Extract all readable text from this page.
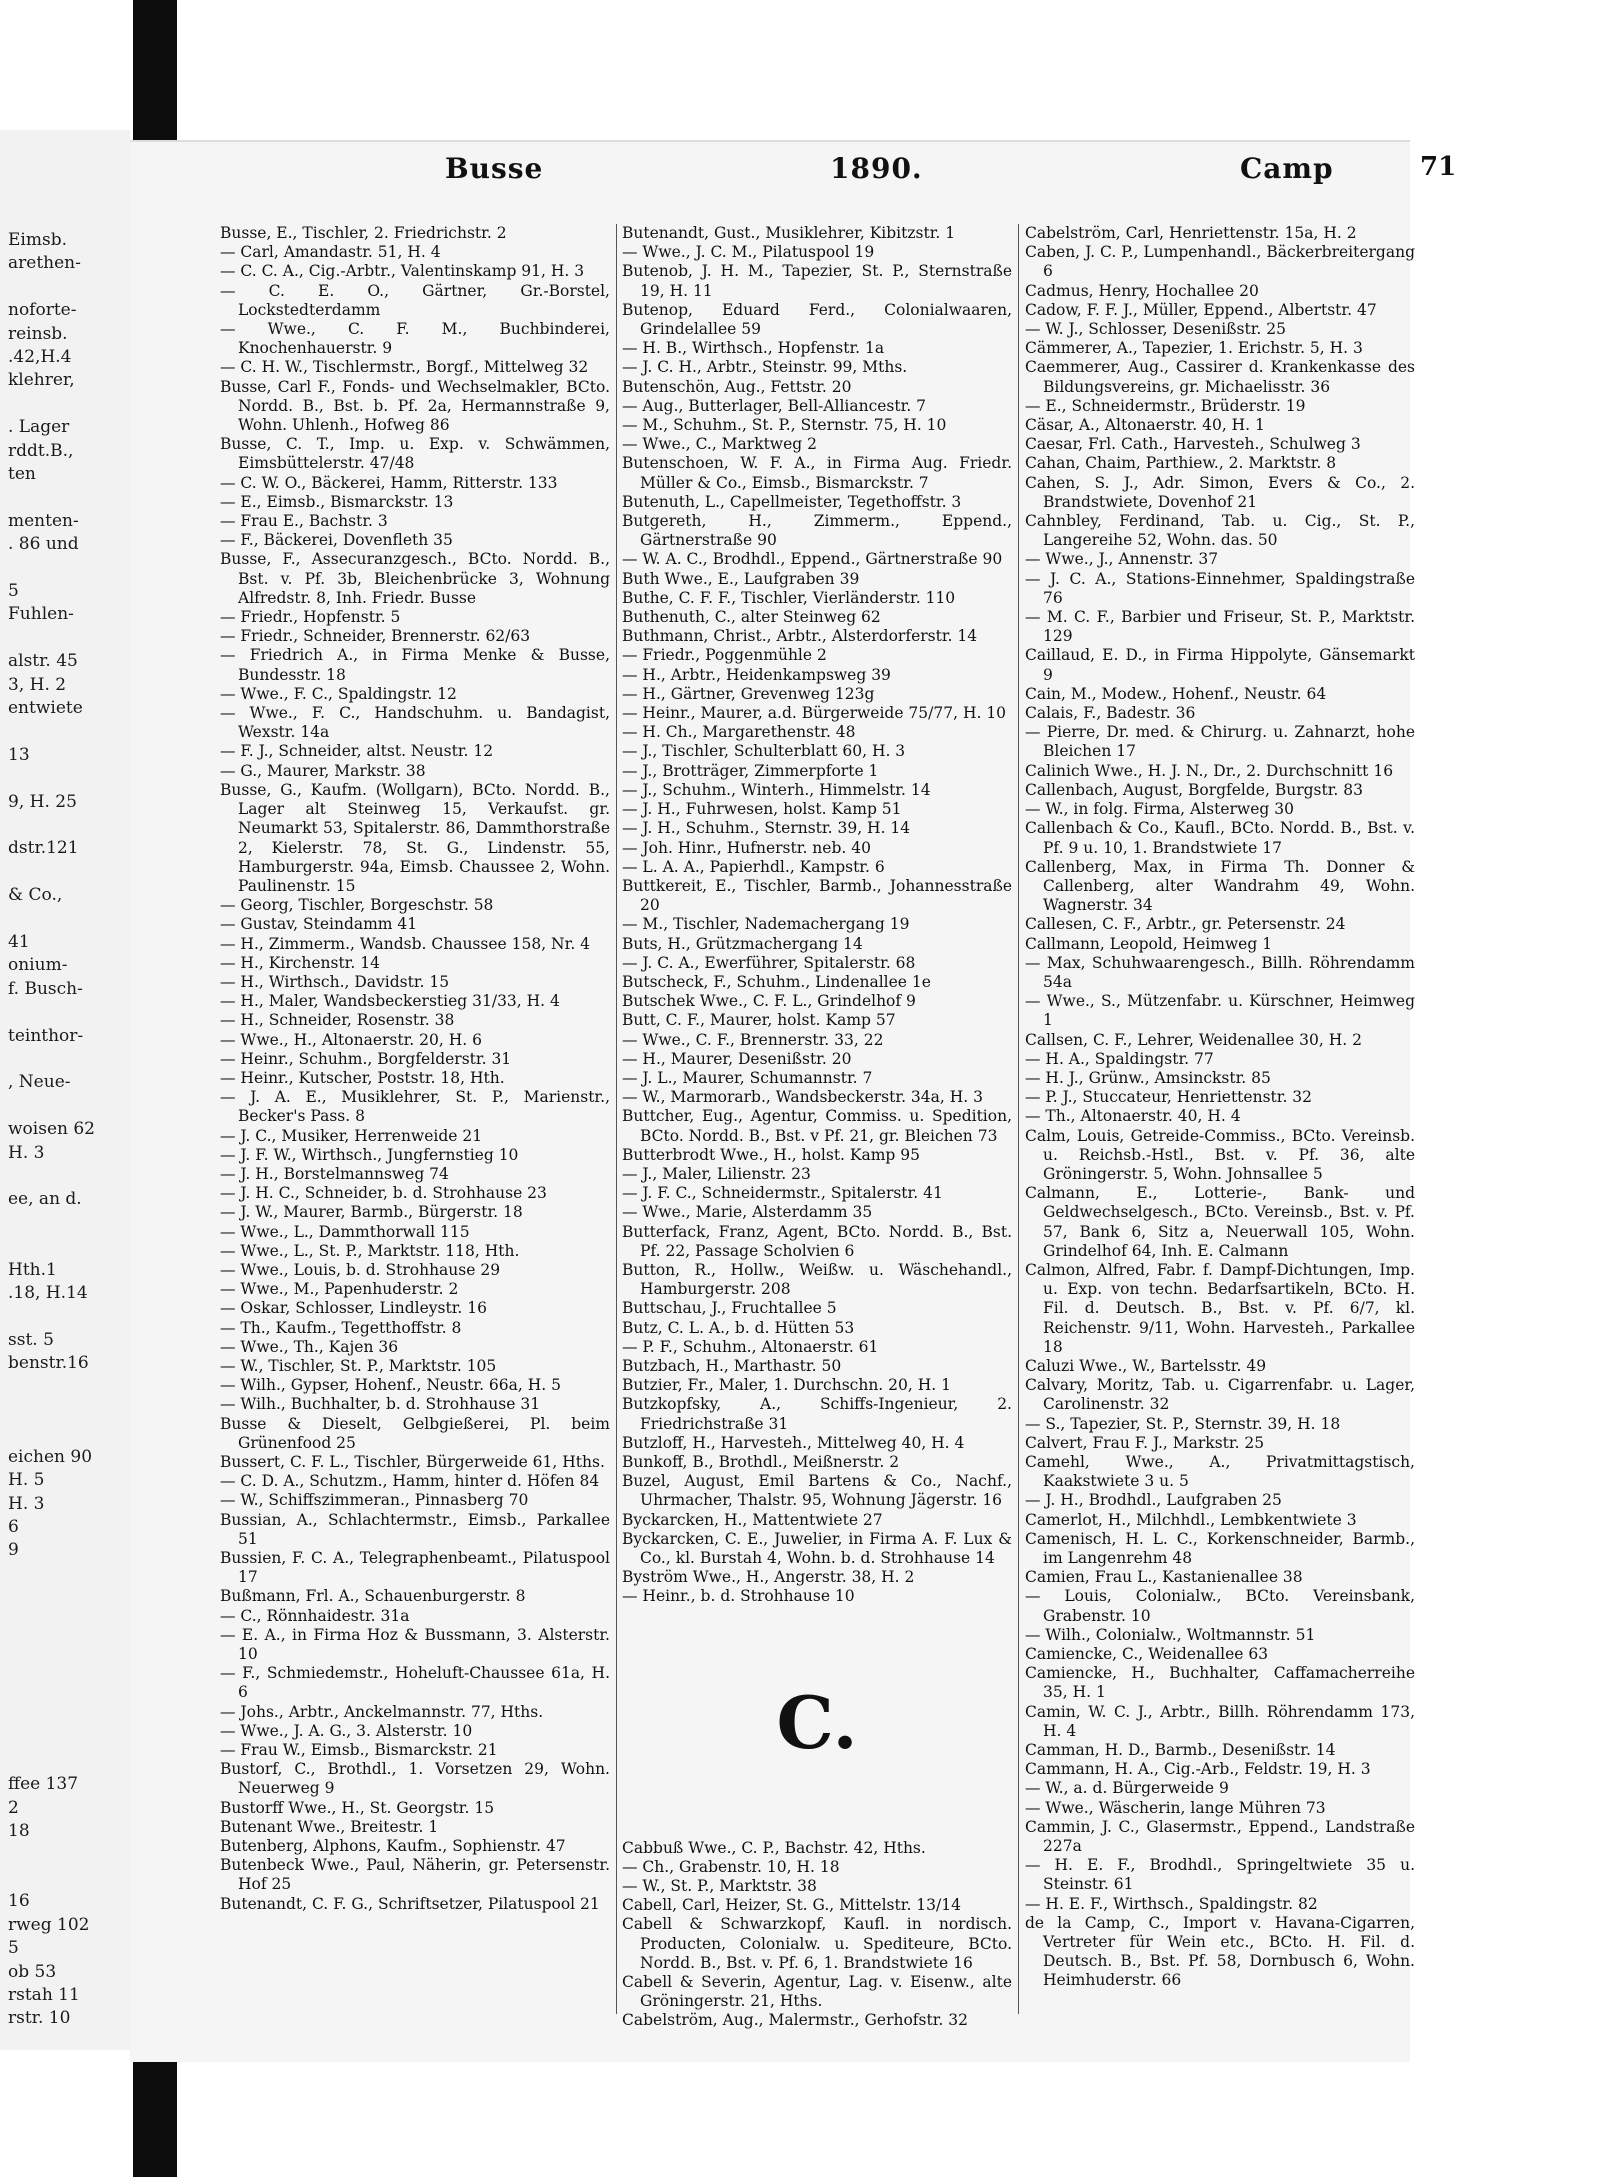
Eimsb.
arethen-
noforte-
reinsb.
.42,H.4
klehrer,
. Lager
rddt.B.,
ten
menten-
. 86 und
5
Fuhlen-
alstr. 45
3, H. 2
entwiete
13
9, H. 25
dstr.121
& Co.,
41
onium-
f. Busch-
teinthor-
, Neue-
woisen 62
H. 3
ee, an d.
Hth.1
.18, H.14
sst. 5
benstr.16
eichen 90
H. 5
H. 3
6
9
ffee 137
2
18
16
rweg 102
5
ob 53
rstah 11
rstr. 10
Busse	1890.	Camp	71

Busse, E., Tischler, 2. Friedrichstr. 2

— Carl, Amandastr. 51, H. 4

— C. C. A., Cig.-Arbtr., Valentinskamp 91, H. 3

— C. E. O., Gärtner, Gr.-Borstel, Lockstedterdamm

— Wwe., C. F. M., Buchbinderei, Knochenhauerstr. 9

— C. H. W., Tischlermstr., Borgf., Mittelweg 32

Busse, Carl F., Fonds- und Wechselmakler, BCto. Nordd. B., Bst. b. Pf. 2a, Hermannstraße 9, Wohn. Uhlenh., Hofweg 86

Busse, C. T., Imp. u. Exp. v. Schwämmen, Eimsbüttelerstr. 47/48

— C. W. O., Bäckerei, Hamm, Ritterstr. 133

— E., Eimsb., Bismarckstr. 13

— Frau E., Bachstr. 3

— F., Bäckerei, Dovenfleth 35

Busse, F., Assecuranzgesch., BCto. Nordd. B., Bst. v. Pf. 3b, Bleichenbrücke 3, Wohnung Alfredstr. 8, Inh. Friedr. Busse

— Friedr., Hopfenstr. 5

— Friedr., Schneider, Brennerstr. 62/63

— Friedrich A., in Firma Menke & Busse, Bundesstr. 18

— Wwe., F. C., Spaldingstr. 12

— Wwe., F. C., Handschuhm. u. Bandagist, Wexstr. 14a

— F. J., Schneider, altst. Neustr. 12

— G., Maurer, Markstr. 38

Busse, G., Kaufm. (Wollgarn), BCto. Nordd. B., Lager alt Steinweg 15, Verkaufst. gr. Neumarkt 53, Spitalerstr. 86, Dammthorstraße 2, Kielerstr. 78, St. G., Lindenstr. 55, Hamburgerstr. 94a, Eimsb. Chaussee 2, Wohn. Paulinenstr. 15

— Georg, Tischler, Borgeschstr. 58

— Gustav, Steindamm 41

— H., Zimmerm., Wandsb. Chaussee 158, Nr. 4

— H., Kirchenstr. 14

— H., Wirthsch., Davidstr. 15

— H., Maler, Wandsbeckerstieg 31/33, H. 4

— H., Schneider, Rosenstr. 38

— Wwe., H., Altonaerstr. 20, H. 6

— Heinr., Schuhm., Borgfelderstr. 31

— Heinr., Kutscher, Poststr. 18, Hth.

— J. A. E., Musiklehrer, St. P., Marienstr., Becker's Pass. 8

— J. C., Musiker, Herrenweide 21

— J. F. W., Wirthsch., Jungfernstieg 10

— J. H., Borstelmannsweg 74

— J. H. C., Schneider, b. d. Strohhause 23

— J. W., Maurer, Barmb., Bürgerstr. 18

— Wwe., L., Dammthorwall 115

— Wwe., L., St. P., Marktstr. 118, Hth.

— Wwe., Louis, b. d. Strohhause 29

— Wwe., M., Papenhuderstr. 2

— Oskar, Schlosser, Lindleystr. 16

— Th., Kaufm., Tegetthoffstr. 8

— Wwe., Th., Kajen 36

— W., Tischler, St. P., Marktstr. 105

— Wilh., Gypser, Hohenf., Neustr. 66a, H. 5

— Wilh., Buchhalter, b. d. Strohhause 31

Busse & Dieselt, Gelbgießerei, Pl. beim Grünenfood 25

Bussert, C. F. L., Tischler, Bürgerweide 61, Hths.

— C. D. A., Schutzm., Hamm, hinter d. Höfen 84

— W., Schiffszimmeran., Pinnasberg 70

Bussian, A., Schlachtermstr., Eimsb., Parkallee 51

Bussien, F. C. A., Telegraphenbeamt., Pilatuspool 17

Bußmann, Frl. A., Schauenburgerstr. 8

— C., Rönnhaidestr. 31a

— E. A., in Firma Hoz & Bussmann, 3. Alsterstr. 10

— F., Schmiedemstr., Hoheluft-Chaussee 61a, H. 6

— Johs., Arbtr., Anckelmannstr. 77, Hths.

— Wwe., J. A. G., 3. Alsterstr. 10

— Frau W., Eimsb., Bismarckstr. 21

Bustorf, C., Brothdl., 1. Vorsetzen 29, Wohn. Neuerweg 9

Bustorff Wwe., H., St. Georgstr. 15

Butenant Wwe., Breitestr. 1

Butenberg, Alphons, Kaufm., Sophienstr. 47

Butenbeck Wwe., Paul, Näherin, gr. Petersenstr. Hof 25

Butenandt, C. F. G., Schriftsetzer, Pilatuspool 21

Butenandt, Gust., Musiklehrer, Kibitzstr. 1

— Wwe., J. C. M., Pilatuspool 19

Butenob, J. H. M., Tapezier, St. P., Sternstraße 19, H. 11

Butenop, Eduard Ferd., Colonialwaaren, Grindelallee 59

— H. B., Wirthsch., Hopfenstr. 1a

— J. C. H., Arbtr., Steinstr. 99, Mths.

Butenschön, Aug., Fettstr. 20

— Aug., Butterlager, Bell-Alliancestr. 7

— M., Schuhm., St. P., Sternstr. 75, H. 10

— Wwe., C., Marktweg 2

Butenschoen, W. F. A., in Firma Aug. Friedr. Müller & Co., Eimsb., Bismarckstr. 7

Butenuth, L., Capellmeister, Tegethoffstr. 3

Butgereth, H., Zimmerm., Eppend., Gärtnerstraße 90

— W. A. C., Brodhdl., Eppend., Gärtnerstraße 90

Buth Wwe., E., Laufgraben 39

Buthe, C. F. F., Tischler, Vierländerstr. 110

Buthenuth, C., alter Steinweg 62

Buthmann, Christ., Arbtr., Alsterdorferstr. 14

— Friedr., Poggenmühle 2

— H., Arbtr., Heidenkampsweg 39

— H., Gärtner, Grevenweg 123g

— Heinr., Maurer, a.d. Bürgerweide 75/77, H. 10

— H. Ch., Margarethenstr. 48

— J., Tischler, Schulterblatt 60, H. 3

— J., Brotträger, Zimmerpforte 1

— J., Schuhm., Winterh., Himmelstr. 14

— J. H., Fuhrwesen, holst. Kamp 51

— J. H., Schuhm., Sternstr. 39, H. 14

— Joh. Hinr., Hufnerstr. neb. 40

— L. A. A., Papierhdl., Kampstr. 6

Buttkereit, E., Tischler, Barmb., Johannesstraße 20

— M., Tischler, Nademachergang 19

Buts, H., Grützmachergang 14

— J. C. A., Ewerführer, Spitalerstr. 68

Butscheck, F., Schuhm., Lindenallee 1e

Butschek Wwe., C. F. L., Grindelhof 9

Butt, C. F., Maurer, holst. Kamp 57

— Wwe., C. F., Brennerstr. 33, 22

— H., Maurer, Desenißstr. 20

— J. L., Maurer, Schumannstr. 7

— W., Marmorarb., Wandsbeckerstr. 34a, H. 3

Buttcher, Eug., Agentur, Commiss. u. Spedition, BCto. Nordd. B., Bst. v Pf. 21, gr. Bleichen 73

Butterbrodt Wwe., H., holst. Kamp 95

— J., Maler, Lilienstr. 23

— J. F. C., Schneidermstr., Spitalerstr. 41

— Wwe., Marie, Alsterdamm 35

Butterfack, Franz, Agent, BCto. Nordd. B., Bst. Pf. 22, Passage Scholvien 6

Button, R., Hollw., Weißw. u. Wäschehandl., Hamburgerstr. 208

Buttschau, J., Fruchtallee 5

Butz, C. L. A., b. d. Hütten 53

— P. F., Schuhm., Altonaerstr. 61

Butzbach, H., Marthastr. 50

Butzier, Fr., Maler, 1. Durchschn. 20, H. 1

Butzkopfsky, A., Schiffs-Ingenieur, 2. Friedrichstraße 31

Butzloff, H., Harvesteh., Mittelweg 40, H. 4

Bunkoff, B., Brothdl., Meißnerstr. 2

Buzel, August, Emil Bartens & Co., Nachf., Uhrmacher, Thalstr. 95, Wohnung Jägerstr. 16

Byckarcken, H., Mattentwiete 27

Byckarcken, C. E., Juwelier, in Firma A. F. Lux & Co., kl. Burstah 4, Wohn. b. d. Strohhause 14

Byström Wwe., H., Angerstr. 38, H. 2

— Heinr., b. d. Strohhause 10

C.

Cabbuß Wwe., C. P., Bachstr. 42, Hths.

— Ch., Grabenstr. 10, H. 18

— W., St. P., Marktstr. 38

Cabell, Carl, Heizer, St. G., Mittelstr. 13/14

Cabell & Schwarzkopf, Kaufl. in nordisch. Producten, Colonialw. u. Spediteure, BCto. Nordd. B., Bst. v. Pf. 6, 1. Brandstwiete 16

Cabell & Severin, Agentur, Lag. v. Eisenw., alte Gröningerstr. 21, Hths.

Cabelström, Aug., Malermstr., Gerhofstr. 32

Cabelström, Carl, Henriettenstr. 15a, H. 2

Caben, J. C. P., Lumpenhandl., Bäckerbreitergang 6

Cadmus, Henry, Hochallee 20

Cadow, F. F. J., Müller, Eppend., Albertstr. 47

— W. J., Schlosser, Desenißstr. 25

Cämmerer, A., Tapezier, 1. Erichstr. 5, H. 3

Caemmerer, Aug., Cassirer d. Krankenkasse des Bildungsvereins, gr. Michaelisstr. 36

— E., Schneidermstr., Brüderstr. 19

Cäsar, A., Altonaerstr. 40, H. 1

Caesar, Frl. Cath., Harvesteh., Schulweg 3

Cahan, Chaim, Parthiew., 2. Marktstr. 8

Cahen, S. J., Adr. Simon, Evers & Co., 2. Brandstwiete, Dovenhof 21

Cahnbley, Ferdinand, Tab. u. Cig., St. P., Langereihe 52, Wohn. das. 50

— Wwe., J., Annenstr. 37

— J. C. A., Stations-Einnehmer, Spaldingstraße 76

— M. C. F., Barbier und Friseur, St. P., Marktstr. 129

Caillaud, E. D., in Firma Hippolyte, Gänsemarkt 9

Cain, M., Modew., Hohenf., Neustr. 64

Calais, F., Badestr. 36

— Pierre, Dr. med. & Chirurg. u. Zahnarzt, hohe Bleichen 17

Calinich Wwe., H. J. N., Dr., 2. Durchschnitt 16

Callenbach, August, Borgfelde, Burgstr. 83

— W., in folg. Firma, Alsterweg 30

Callenbach & Co., Kaufl., BCto. Nordd. B., Bst. v. Pf. 9 u. 10, 1. Brandstwiete 17

Callenberg, Max, in Firma Th. Donner & Callenberg, alter Wandrahm 49, Wohn. Wagnerstr. 34

Callesen, C. F., Arbtr., gr. Petersenstr. 24

Callmann, Leopold, Heimweg 1

— Max, Schuhwaarengesch., Billh. Röhrendamm 54a

— Wwe., S., Mützenfabr. u. Kürschner, Heimweg 1

Callsen, C. F., Lehrer, Weidenallee 30, H. 2

— H. A., Spaldingstr. 77

— H. J., Grünw., Amsinckstr. 85

— P. J., Stuccateur, Henriettenstr. 32

— Th., Altonaerstr. 40, H. 4

Calm, Louis, Getreide-Commiss., BCto. Vereinsb. u. Reichsb.-Hstl., Bst. v. Pf. 36, alte Gröningerstr. 5, Wohn. Johnsallee 5

Calmann, E., Lotterie-, Bank- und Geldwechselgesch., BCto. Vereinsb., Bst. v. Pf. 57, Bank 6, Sitz a, Neuerwall 105, Wohn. Grindelhof 64, Inh. E. Calmann

Calmon, Alfred, Fabr. f. Dampf-Dichtungen, Imp. u. Exp. von techn. Bedarfsartikeln, BCto. H. Fil. d. Deutsch. B., Bst. v. Pf. 6/7, kl. Reichenstr. 9/11, Wohn. Harvesteh., Parkallee 18

Caluzi Wwe., W., Bartelsstr. 49

Calvary, Moritz, Tab. u. Cigarrenfabr. u. Lager, Carolinenstr. 32

— S., Tapezier, St. P., Sternstr. 39, H. 18

Calvert, Frau F. J., Markstr. 25

Camehl, Wwe., A., Privatmittagstisch, Kaakstwiete 3 u. 5

— J. H., Brodhdl., Laufgraben 25

Camerlot, H., Milchhdl., Lembkentwiete 3

Camenisch, H. L. C., Korkenschneider, Barmb., im Langenrehm 48

Camien, Frau L., Kastanienallee 38

— Louis, Colonialw., BCto. Vereinsbank, Grabenstr. 10

— Wilh., Colonialw., Woltmannstr. 51

Camiencke, C., Weidenallee 63

Camiencke, H., Buchhalter, Caffamacherreihe 35, H. 1

Camin, W. C. J., Arbtr., Billh. Röhrendamm 173, H. 4

Camman, H. D., Barmb., Desenißstr. 14

Cammann, H. A., Cig.-Arb., Feldstr. 19, H. 3

— W., a. d. Bürgerweide 9

— Wwe., Wäscherin, lange Mühren 73

Cammin, J. C., Glasermstr., Eppend., Landstraße 227a

— H. E. F., Brodhdl., Springeltwiete 35 u. Steinstr. 61

— H. E. F., Wirthsch., Spaldingstr. 82

de la Camp, C., Import v. Havana-Cigarren, Vertreter für Wein etc., BCto. H. Fil. d. Deutsch. B., Bst. Pf. 58, Dornbusch 6, Wohn. Heimhuderstr. 66
